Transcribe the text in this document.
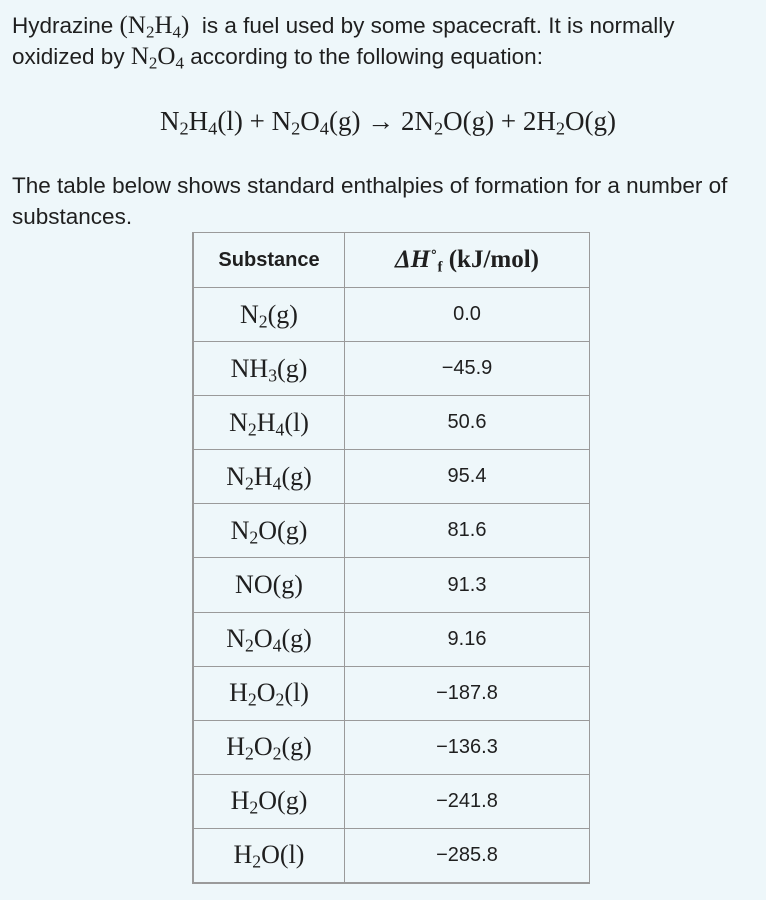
Hydrazine $(N_2H_4)$  is a fuel used by some spacecraft. It is normally oxidized by $N_2O_4$ according to the following equation:
$N_2H_4(l) + N_2O_4(g) \to 2N_2O(g) + 2H_2O(g)$
The table below shows standard enthalpies of formation for a number of substances.
Substance	$\Delta H^\circ_f$ (kJ/mol)
$N_2(g)$	0.0
$NH_3(g)$	−45.9
$N_2H_4(l)$	50.6
$N_2H_4(g)$	95.4
$N_2O(g)$	81.6
NO(g)	91.3
$N_2O_4(g)$	9.16
$H_2O_2(l)$	−187.8
$H_2O_2(g)$	−136.3
$H_2O(g)$	−241.8
$H_2O(l)$	−285.8
